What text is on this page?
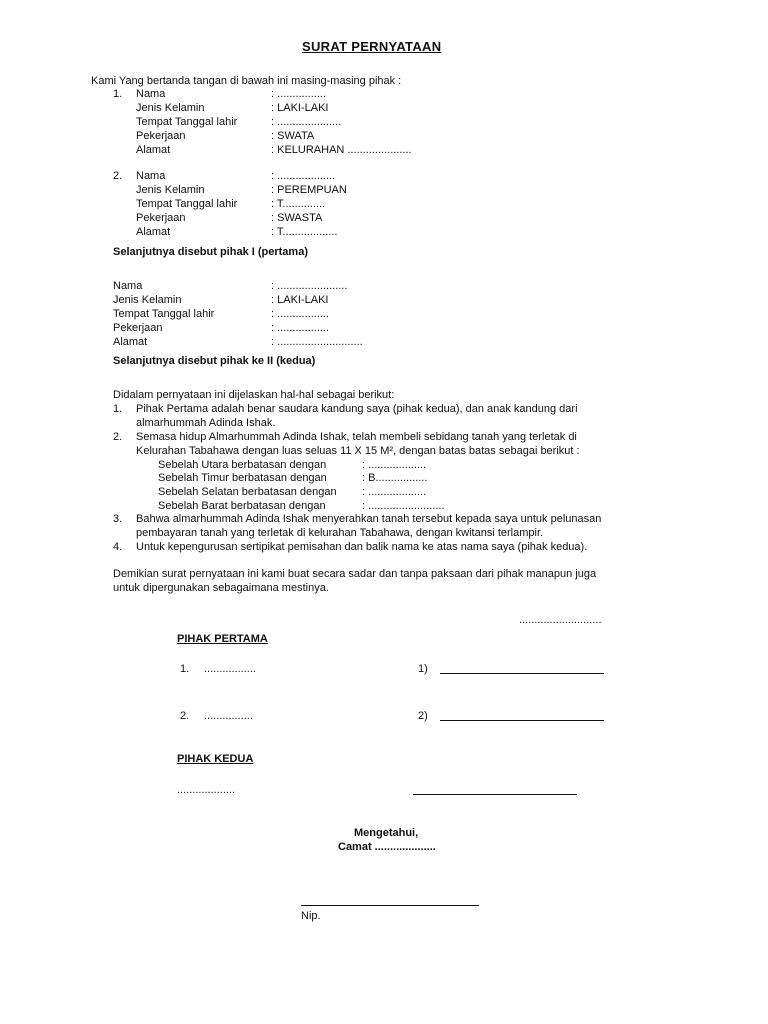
SURAT PERNYATAAN
Kami Yang bertanda tangan di bawah ini masing-masing pihak :
1. Nama	: ................
Jenis Kelamin	: LAKI-LAKI
Tempat Tanggal lahir	: .....................
Pekerjaan	: SWATA
Alamat	: KELURAHAN .....................
2. Nama	: ...................
Jenis Kelamin	: PEREMPUAN
Tempat Tanggal lahir	: T..............
Pekerjaan	: SWASTA
Alamat	: T..................
Selanjutnya disebut pihak I (pertama)
Nama	: .......................
Jenis Kelamin	: LAKI-LAKI
Tempat Tanggal lahir	: .................
Pekerjaan	: .................
Alamat	: ............................
Selanjutnya disebut pihak ke II (kedua)
Didalam pernyataan ini dijelaskan hal-hal sebagai berikut:
1. Pihak Pertama adalah benar saudara kandung saya (pihak kedua), dan anak kandung dari
almarhummah Adinda Ishak.
2. Semasa hidup Almarhummah Adinda Ishak, telah membeli sebidang tanah yang terletak di
Kelurahan Tabahawa dengan luas seluas 11 X 15 M², dengan batas batas sebagai berikut :
Sebelah Utara berbatasan dengan	: ...................
Sebelah Timur berbatasan dengan	: B.................
Sebelah Selatan berbatasan dengan : ...................
Sebelah Barat berbatasan dengan	: .........................
3. Bahwa almarhummah Adinda Ishak menyerahkan tanah tersebut kepada saya untuk pelunasan
pembayaran tanah yang terletak di kelurahan Tabahawa, dengan kwitansi terlampir.
4. Untuk kepengurusan sertipikat pemisahan dan balik nama ke atas nama saya (pihak kedua).
Demikian surat pernyataan ini kami buat secara sadar dan tanpa paksaan dari pihak manapun juga
untuk dipergunakan sebagaimana mestinya.
...........................
PIHAK PERTAMA
1. .................	1)
2. ................	2)
PIHAK KEDUA
...................
Mengetahui,
Camat ....................
Nip.
